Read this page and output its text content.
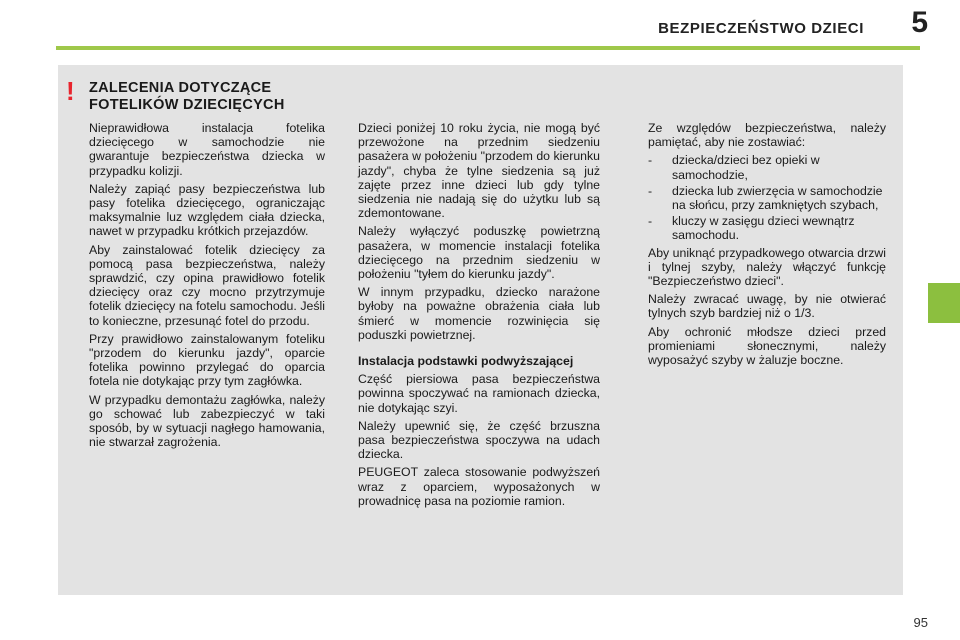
BEZPIECZEŃSTWO DZIECI 5
! ZALECENIA DOTYCZĄCE
FOTELIKÓW DZIECIĘCYCH

Nieprawidłowa instalacja fotelika dziecięcego w samochodzie nie gwarantuje bezpieczeństwa dziecka w przypadku kolizji.

Należy zapiąć pasy bezpieczeństwa lub pasy fotelika dziecięcego, ograniczając maksymalnie luz względem ciała dziecka, nawet w przypadku krótkich przejazdów.

Aby zainstalować fotelik dziecięcy za pomocą pasa bezpieczeństwa, należy sprawdzić, czy opina prawidłowo fotelik dziecięcy oraz czy mocno przytrzymuje fotelik dziecięcy na fotelu samochodu. Jeśli to konieczne, przesunąć fotel do przodu.

Przy prawidłowo zainstalowanym foteliku "przodem do kierunku jazdy", oparcie fotelika powinno przylegać do oparcia fotela nie dotykając przy tym zagłówka.

W przypadku demontażu zagłówka, należy go schować lub zabezpieczyć w taki sposób, by w sytuacji nagłego hamowania, nie stwarzał zagrożenia.

Dzieci poniżej 10 roku życia, nie mogą być przewożone na przednim siedzeniu pasażera w położeniu "przodem do kierunku jazdy", chyba że tylne siedzenia są już zajęte przez inne dzieci lub gdy tylne siedzenia nie nadają się do użytku lub są zdemontowane.

Należy wyłączyć poduszkę powietrzną pasażera, w momencie instalacji fotelika dziecięcego na przednim siedzeniu w położeniu "tyłem do kierunku jazdy".

W innym przypadku, dziecko narażone byłoby na poważne obrażenia ciała lub śmierć w momencie rozwinięcia się poduszki powietrznej.

Instalacja podstawki podwyższającej

Część piersiowa pasa bezpieczeństwa powinna spoczywać na ramionach dziecka, nie dotykając szyi.

Należy upewnić się, że część brzuszna pasa bezpieczeństwa spoczywa na udach dziecka.

PEUGEOT zaleca stosowanie podwyższeń wraz z oparciem, wyposażonych w prowadnicę pasa na poziomie ramion.

Ze względów bezpieczeństwa, należy pamiętać, aby nie zostawiać:

- dziecka/dzieci bez opieki w samochodzie,
- dziecka lub zwierzęcia w samochodzie na słońcu, przy zamkniętych szybach,
- kluczy w zasięgu dzieci wewnątrz samochodu.

Aby uniknąć przypadkowego otwarcia drzwi i tylnej szyby, należy włączyć funkcję "Bezpieczeństwo dzieci".

Należy zwracać uwagę, by nie otwierać tylnych szyb bardziej niż o 1/3.

Aby ochronić młodsze dzieci przed promieniami słonecznymi, należy wyposażyć szyby w żaluzje boczne.

95
